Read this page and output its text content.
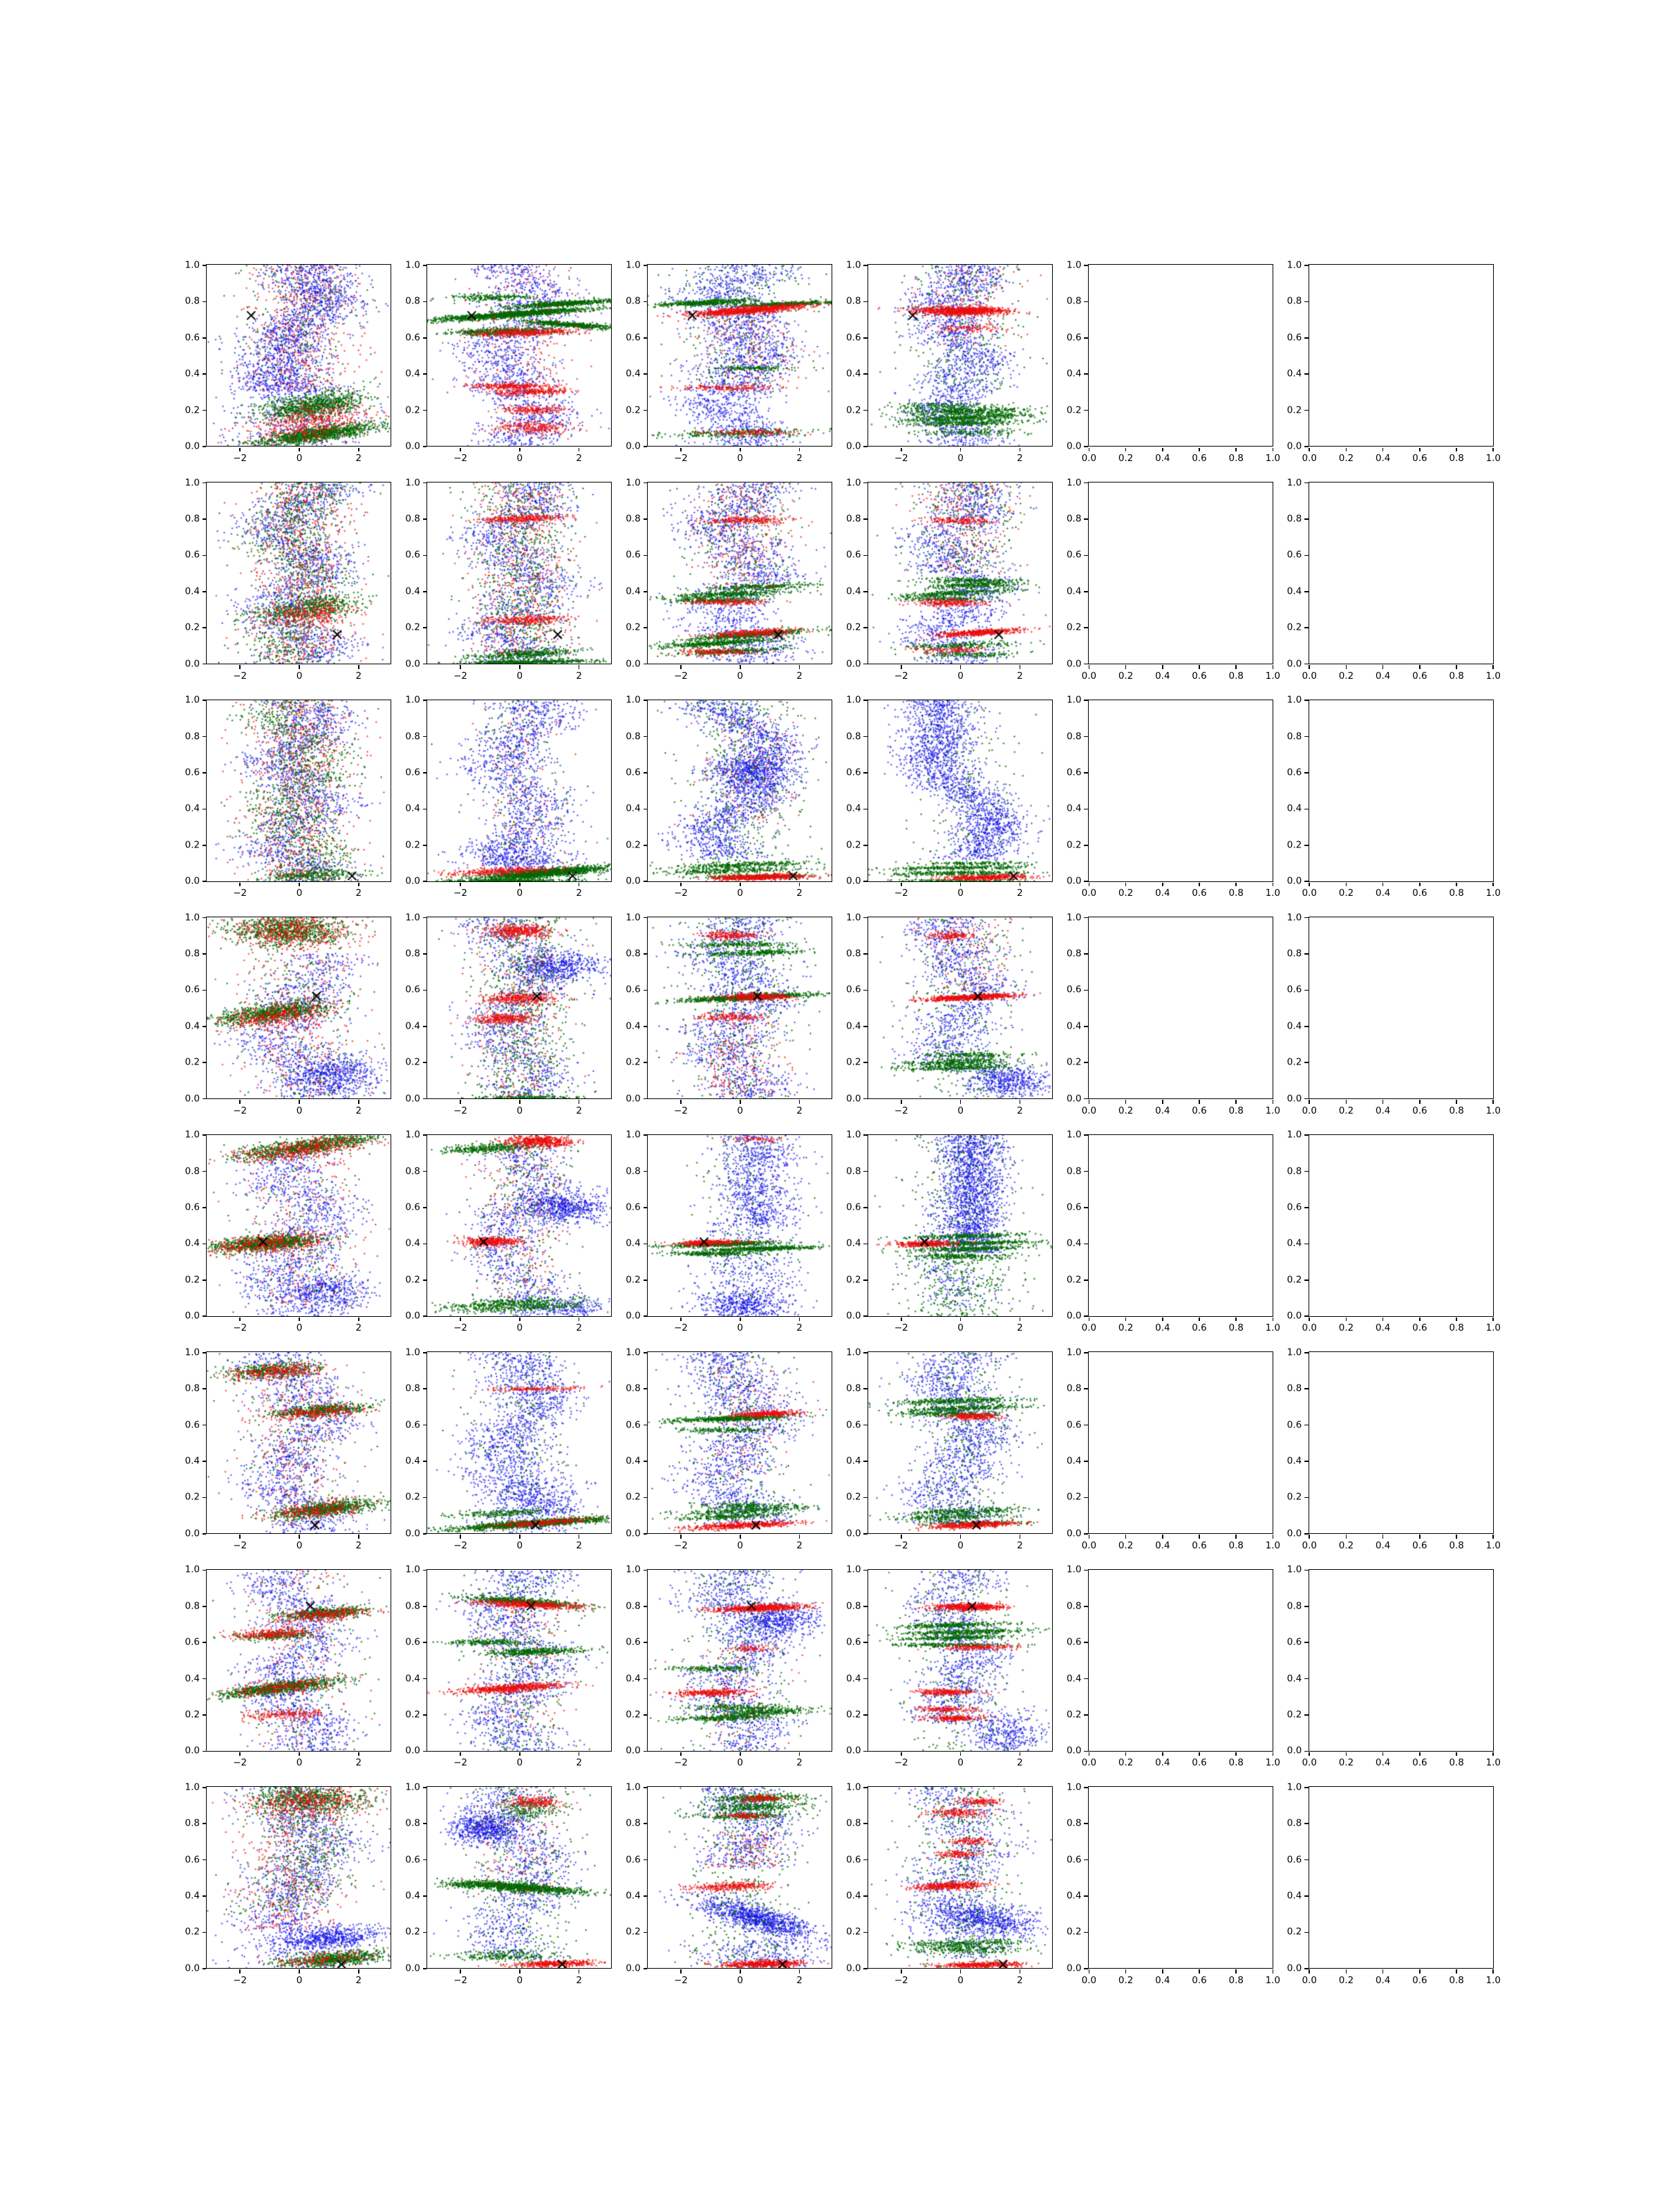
−2	0	2
0.0
0.2
0.4
0.6
0.8
1.0
−2	0	2
0.0
0.2
0.4
0.6
0.8
1.0
−2	0	2
0.0
0.2
0.4
0.6
0.8
1.0
−2	0	2
0.0
0.2
0.4
0.6
0.8
1.0
−2	0	2
0.0
0.2
0.4
0.6
0.8
1.0
−2	0	2
0.0
0.2
0.4
0.6
0.8
1.0
−2	0	2
0.0
0.2
0.4
0.6
0.8
1.0
−2	0	2
0.0
0.2
0.4
0.6
0.8
1.0
−2	0	2
0.0
0.2
0.4
0.6
0.8
1.0
−2	0	2
0.0
0.2
0.4
0.6
0.8
1.0
−2	0	2
0.0
0.2
0.4
0.6
0.8
1.0
−2	0	2
0.0
0.2
0.4
0.6
0.8
1.0
−2	0	2
0.0
0.2
0.4
0.6
0.8
1.0
−2	0	2
0.0
0.2
0.4
0.6
0.8
1.0
−2	0	2
0.0
0.2
0.4
0.6
0.8
1.0
−2	0	2
0.0
0.2
0.4
0.6
0.8
1.0
−2	0	2
0.0
0.2
0.4
0.6
0.8
1.0
−2	0	2
0.0
0.2
0.4
0.6
0.8
1.0
−2	0	2
0.0
0.2
0.4
0.6
0.8
1.0
−2	0	2
0.0
0.2
0.4
0.6
0.8
1.0
−2	0	2
0.0
0.2
0.4
0.6
0.8
1.0
−2	0	2
0.0
0.2
0.4
0.6
0.8
1.0
−2	0	2
0.0
0.2
0.4
0.6
0.8
1.0
−2	0	2
0.0
0.2
0.4
0.6
0.8
1.0
−2	0	2
0.0
0.2
0.4
0.6
0.8
1.0
−2	0	2
0.0
0.2
0.4
0.6
0.8
1.0
−2	0	2
0.0
0.2
0.4
0.6
0.8
1.0
−2	0	2
0.0
0.2
0.4
0.6
0.8
1.0
−2	0	2
0.0
0.2
0.4
0.6
0.8
1.0
−2	0	2
0.0
0.2
0.4
0.6
0.8
1.0
−2	0	2
0.0
0.2
0.4
0.6
0.8
1.0
−2	0	2
0.0
0.2
0.4
0.6
0.8
1.0
0.0 0.2 0.4 0.6 0.8 1.0
0.0
0.2
0.4
0.6
0.8
1.0
0.0 0.2 0.4 0.6 0.8 1.0
0.0
0.2
0.4
0.6
0.8
1.0
0.0 0.2 0.4 0.6 0.8 1.0
0.0
0.2
0.4
0.6
0.8
1.0
0.0 0.2 0.4 0.6 0.8 1.0
0.0
0.2
0.4
0.6
0.8
1.0
0.0 0.2 0.4 0.6 0.8 1.0
0.0
0.2
0.4
0.6
0.8
1.0
0.0 0.2 0.4 0.6 0.8 1.0
0.0
0.2
0.4
0.6
0.8
1.0
0.0 0.2 0.4 0.6 0.8 1.0
0.0
0.2
0.4
0.6
0.8
1.0
0.0 0.2 0.4 0.6 0.8 1.0
0.0
0.2
0.4
0.6
0.8
1.0
0.0 0.2 0.4 0.6 0.8 1.0
0.0
0.2
0.4
0.6
0.8
1.0
0.0 0.2 0.4 0.6 0.8 1.0
0.0
0.2
0.4
0.6
0.8
1.0
0.0 0.2 0.4 0.6 0.8 1.0
0.0
0.2
0.4
0.6
0.8
1.0
0.0 0.2 0.4 0.6 0.8 1.0
0.0
0.2
0.4
0.6
0.8
1.0
0.0 0.2 0.4 0.6 0.8 1.0
0.0
0.2
0.4
0.6
0.8
1.0
0.0 0.2 0.4 0.6 0.8 1.0
0.0
0.2
0.4
0.6
0.8
1.0
0.0 0.2 0.4 0.6 0.8 1.0
0.0
0.2
0.4
0.6
0.8
1.0
0.0 0.2 0.4 0.6 0.8 1.0
0.0
0.2
0.4
0.6
0.8
1.0
